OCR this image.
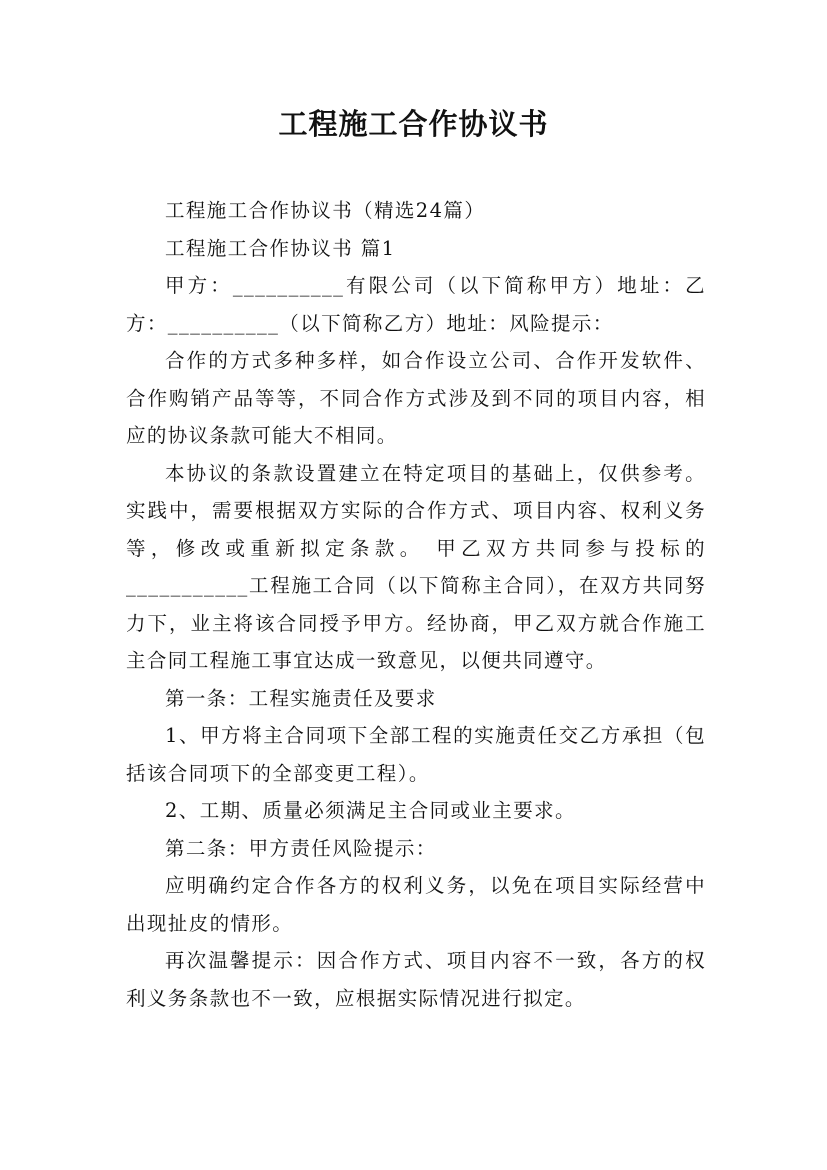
工程施工合作协议书

工程施工合作协议书（精选24篇）

工程施工合作协议书 篇1

甲方：__________有限公司（以下简称甲方）地址：乙方：__________（以下简称乙方）地址：风险提示：

合作的方式多种多样，如合作设立公司、合作开发软件、合作购销产品等等，不同合作方式涉及到不同的项目内容，相应的协议条款可能大不相同。

本协议的条款设置建立在特定项目的基础上，仅供参考。实践中，需要根据双方实际的合作方式、项目内容、权利义务等，修改或重新拟定条款。 甲乙双方共同参与投标的___________工程施工合同（以下简称主合同），在双方共同努力下，业主将该合同授予甲方。经协商，甲乙双方就合作施工主合同工程施工事宜达成一致意见，以便共同遵守。

第一条：工程实施责任及要求

1、甲方将主合同项下全部工程的实施责任交乙方承担（包括该合同项下的全部变更工程）。

2、工期、质量必须满足主合同或业主要求。

第二条：甲方责任风险提示：

应明确约定合作各方的权利义务，以免在项目实际经营中出现扯皮的情形。

再次温馨提示：因合作方式、项目内容不一致，各方的权利义务条款也不一致，应根据实际情况进行拟定。
